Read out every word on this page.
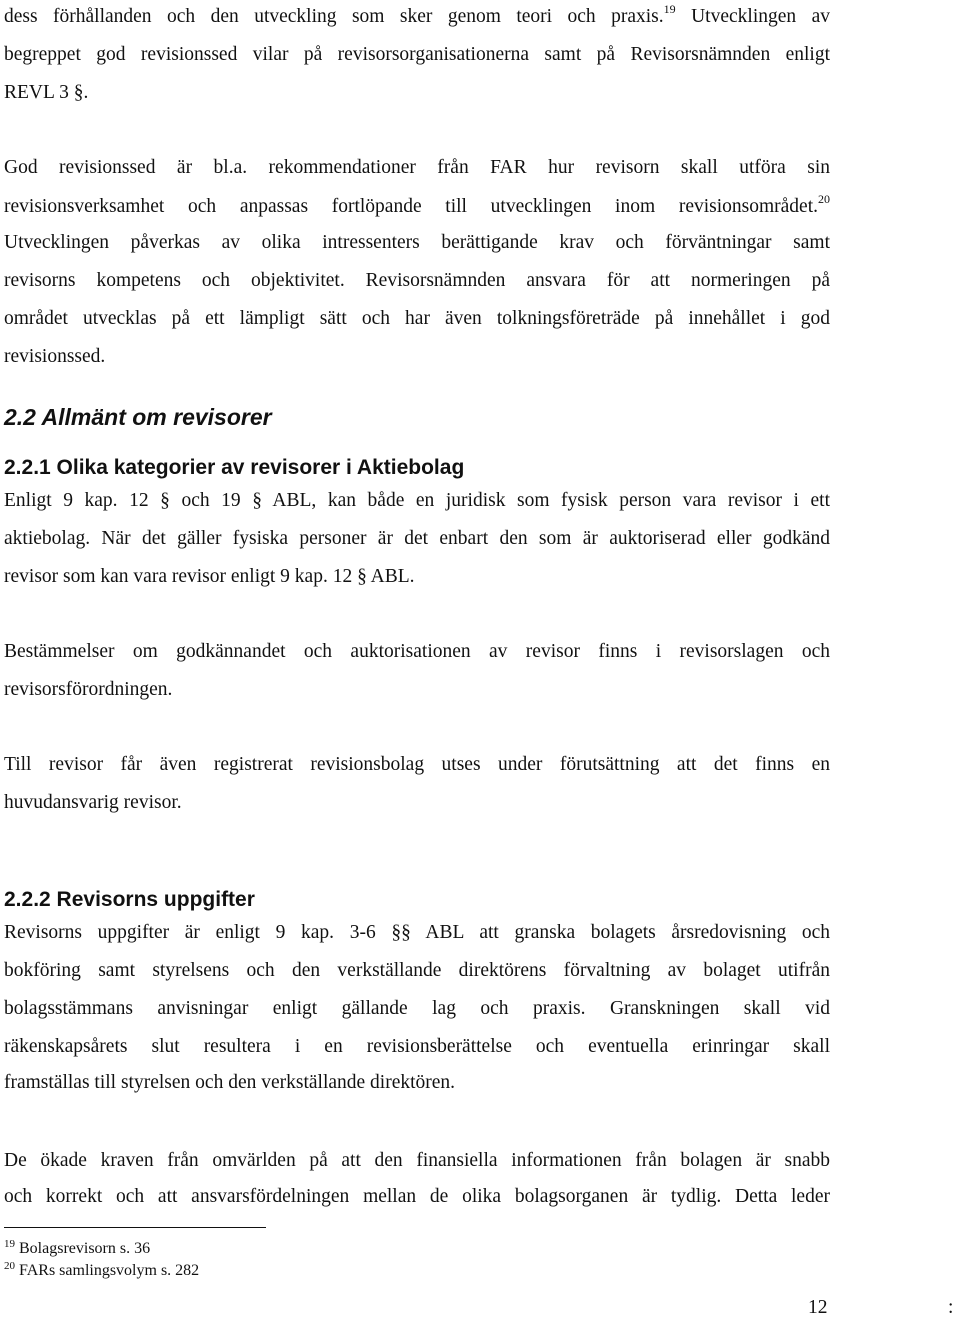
dess förhållanden och den utveckling som sker genom teori och praxis.$^{19}$ Utvecklingen av
begreppet god revisionssed vilar på revisorsorganisationerna samt på Revisorsnämnden enligt
REVL 3 §.
God revisionssed är bl.a. rekommendationer från FAR hur revisorn skall utföra sin
revisionsverksamhet och anpassas fortlöpande till utvecklingen inom revisionsområdet.$^{20}$
Utvecklingen påverkas av olika intressenters berättigande krav och förväntningar samt
revisorns kompetens och objektivitet. Revisorsnämnden ansvara för att normeringen på
området utvecklas på ett lämpligt sätt och har även tolkningsföreträde på innehållet i god
revisionssed.
2.2 Allmänt om revisorer
2.2.1 Olika kategorier av revisorer i Aktiebolag
Enligt 9 kap. 12 § och 19 § ABL, kan både en juridisk som fysisk person vara revisor i ett
aktiebolag. När det gäller fysiska personer är det enbart den som är auktoriserad eller godkänd
revisor som kan vara revisor enligt 9 kap. 12 § ABL.
Bestämmelser om godkännandet och auktorisationen av revisor finns i revisorslagen och
revisorsförordningen.
Till revisor får även registrerat revisionsbolag utses under förutsättning att det finns en
huvudansvarig revisor.
2.2.2 Revisorns uppgifter
Revisorns uppgifter är enligt 9 kap. 3-6 §§ ABL att granska bolagets årsredovisning och
bokföring samt styrelsens och den verkställande direktörens förvaltning av bolaget utifrån
bolagsstämmans anvisningar enligt gällande lag och praxis. Granskningen skall vid
räkenskapsårets slut resultera i en revisionsberättelse och eventuella erinringar skall
framställas till styrelsen och den verkställande direktören.
De ökade kraven från omvärlden på att den finansiella informationen från bolagen är snabb
och korrekt och att ansvarsfördelningen mellan de olika bolagsorganen är tydlig. Detta leder
$^{19}$ Bolagsrevisorn s. 36
$^{20}$ FARs samlingsvolym s. 282
12	:
